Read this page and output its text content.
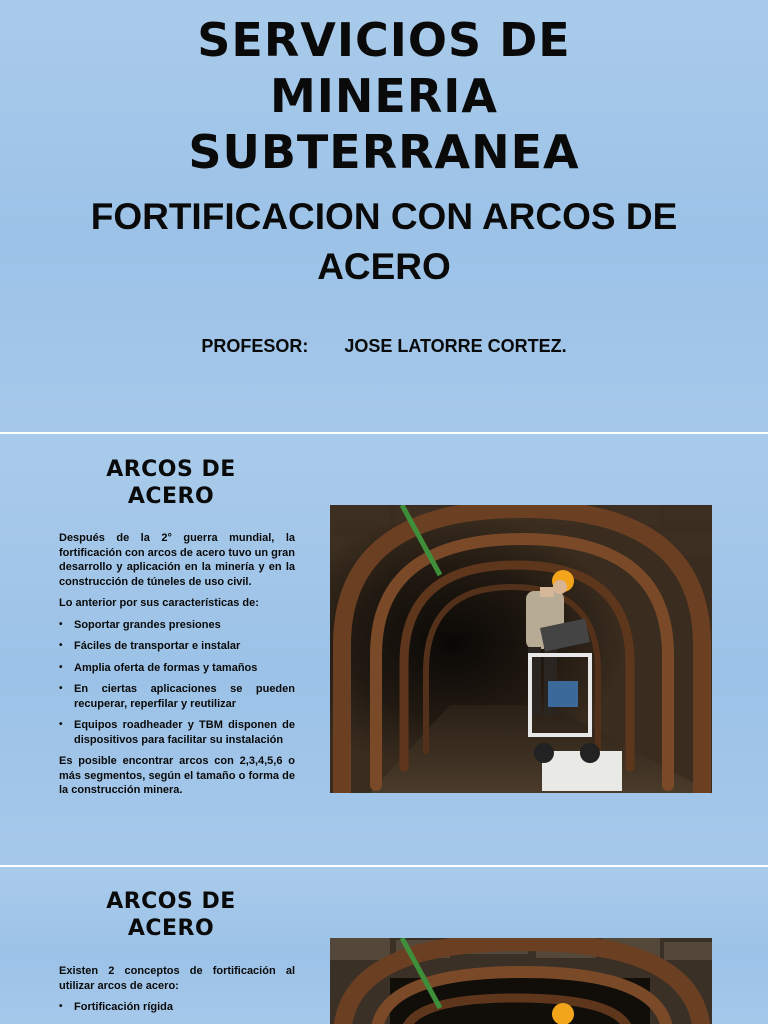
SERVICIOS DE
MINERIA
SUBTERRANEA
FORTIFICACION CON ARCOS DE
ACERO
PROFESOR: JOSE LATORRE CORTEZ.
ARCOS DE
ACERO

Después de la 2° guerra mundial, la fortificación con arcos de acero tuvo un gran desarrollo y aplicación en la minería y en la construcción de túneles de uso civil.

Lo anterior por sus características de:

• Soportar grandes presiones
• Fáciles de transportar e instalar
• Amplia oferta de formas y tamaños
• En ciertas aplicaciones se pueden recuperar, reperfilar y reutilizar
• Equipos roadheader y TBM disponen de dispositivos para facilitar su instalación

Es posible encontrar arcos con 2,3,4,5,6 o más segmentos, según el tamaño o forma de la construcción minera.

ARCOS DE
ACERO

Existen 2 conceptos de fortificación al utilizar arcos de acero:

• Fortificación rígida
